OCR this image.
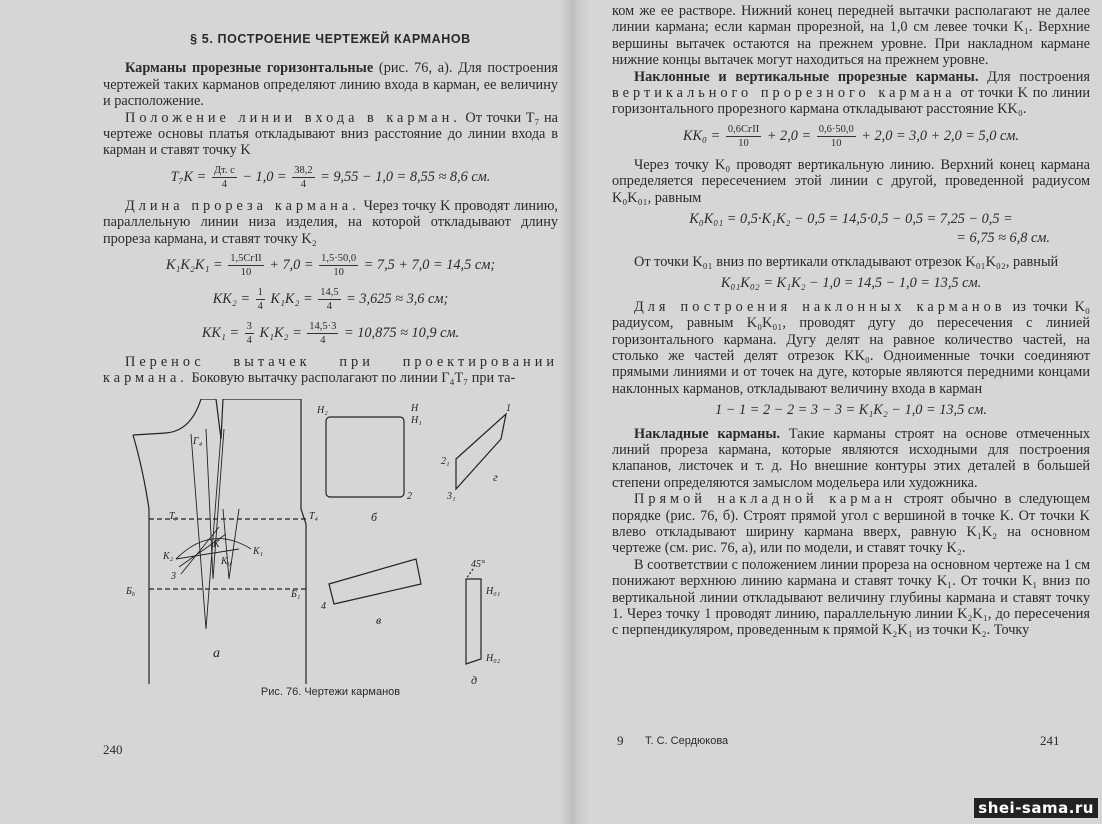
§ 5. ПОСТРОЕНИЕ ЧЕРТЕЖЕЙ КАРМАНОВ

Карманы прорезные горизонтальные (рис. 76, а). Для построения чертежей таких карманов определяют линию входа в карман, ее величину и расположение.

Положение линии входа в карман. От точки T₇ на чертеже основы платья откладывают вниз расстояние до линии входа в карман и ставят точку K

$T_7K = \frac{Дт. с}{4} - 1,0 = \frac{38,2}{4} = 9,55 - 1,0 = 8,55 \approx 8,6$ см.

Длина прореза кармана. Через точку K проводят линию, параллельную линии низа изделия, на которой откладывают длину прореза кармана, и ставят точку K₂

$K_1K_2K_1 = \frac{\text{1,5CгII}}{10} + 7,0 = \frac{1,5\cdot 50,0}{10} = 7,5 + 7,0 = 14,5$ см;
$KK_2 = \frac{1}{4} K_1K_2 = \frac{14,5}{4} = 3,625 \approx 3,6$ см;
$KK_1 = \frac{3}{4} K_1K_2 = \frac{14,5\cdot 3}{4} = 10,875 \approx 10,9$ см.

Перенос вытачек при проектировании кармана. Боковую вытачку располагают по линии Г₄T₇ при та-

а
б
в
г
д
Г₄
T₇	T₄
Н
Н₁
Н₂
К
К₁
К₂	К₀
Н₀₁
Н₀₂
Б₆	Б₁
45°
1
2
3
4
2₁
3₁
Рис. 76. Чертежи карманов
240

ком же ее растворе. Нижний конец передней вытачки располагают не далее линии кармана; если карман прорезной, на 1,0 см левее точки K₁. Верхние вершины вытачек остаются на прежнем уровне. При накладном кармане нижние концы вытачек могут находиться на прежнем уровне.

Наклонные и вертикальные прорезные карманы. Для построения вертикального прорезного кармана от точки K по линии горизонтального прорезного кармана откладывают расстояние KK₀.

$KK_0 = \frac{\text{0,6CгII}}{10} + 2,0 = \frac{0,6\cdot 50,0}{10} + 2,0 = 3,0 + 2,0 = 5,0$ см.

Через точку K₀ проводят вертикальную линию. Верхний конец кармана определяется пересечением этой линии с другой, проведенной радиусом K₀K₀₁, равным

K₀K₀₁ = 0,5·K₁K₂ − 0,5 = 14,5·0,5 − 0,5 = 7,25 − 0,5 =
= 6,75 ≈ 6,8 см.

От точки K₀₁ вниз по вертикали откладывают отрезок K₀₁K₀₂, равный

K₀₁K₀₂ = K₁K₂ − 1,0 = 14,5 − 1,0 = 13,5 см.

Для построения наклонных карманов из точки K₀ радиусом, равным K₀K₀₁, проводят дугу до пересечения с линией горизонтального кармана. Дугу делят на равное количество частей, на столько же частей делят отрезок KK₀. Одноименные точки соединяют прямыми линиями и от точек на дуге, которые являются передними концами наклонных карманов, откладывают величину входа в карман

1 − 1 = 2 − 2 = 3 − 3 = K₁K₂ − 1,0 = 13,5 см.

Накладные карманы. Такие карманы строят на основе отмеченных линий прореза кармана, которые являются исходными для построения клапанов, листочек и т. д. Но внешние контуры этих деталей в большей степени определяются замыслом модельера или художника.

Прямой накладной карман строят обычно в следующем порядке (рис. 76, б). Строят прямой угол с вершиной в точке K. От точки K влево откладывают ширину кармана вверх, равную K₁K₂ на основном чертеже (см. рис. 76, а), или по модели, и ставят точку K₂.

В соответствии с положением линии прореза на основном чертеже на 1 см понижают верхнюю линию кармана и ставят точку K₁. От точки K₁ вниз по вертикальной линии откладывают величину глубины кармана и ставят точку 1. Через точку 1 проводят линию, параллельную линии K₂K₁, до пересечения с перпендикуляром, проведенным к прямой K₂K₁ из точки K₂. Точку

9 Т. С. Сердюкова	241
shei-sama.ru
